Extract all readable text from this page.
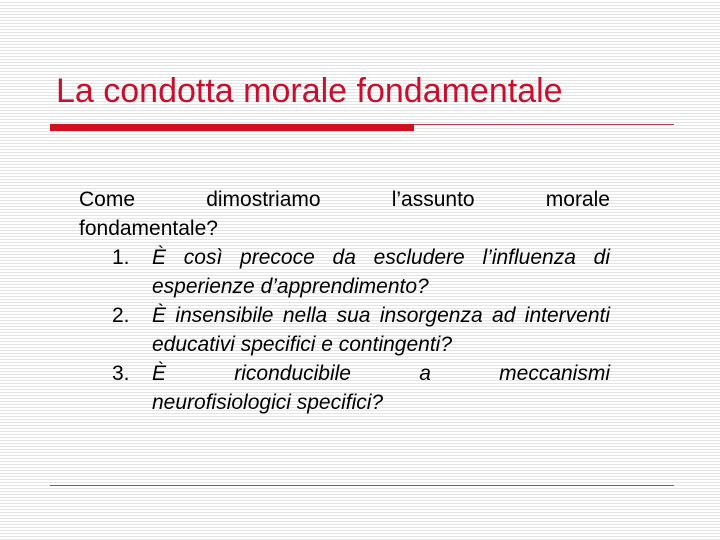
La condotta morale fondamentale
Come	dimostriamo	l’assunto	morale
fondamentale?
1. È così precoce da escludere l’influenza di esperienze d’apprendimento?
2. È insensibile nella sua insorgenza ad interventi educativi specifici e contingenti?
3. È	riconducibile	a	meccanismi
neurofisiologici specifici?
